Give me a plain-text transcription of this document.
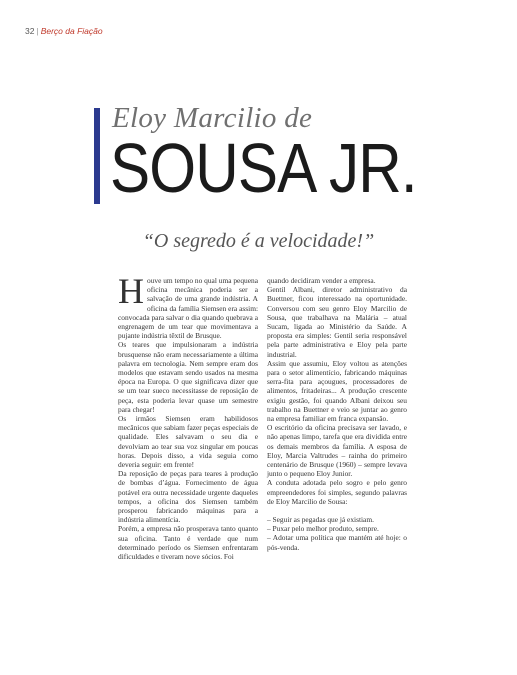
32 | Berço da Fiação
Eloy Marcilio de
SOUSA JR.
“O segredo é a velocidade!”
H ouve um tempo no qual uma pequena oficina mecânica poderia ser a salvação de uma grande indústria. A oficina da família Siemsen era assim: convocada para salvar o dia quando quebrava a engrenagem de um tear que movimentava a pujante indústria têxtil de Brusque.

Os teares que impulsionaram a indústria brusquense não eram necessariamente a última palavra em tecnologia. Nem sempre eram dos modelos que estavam sendo usados na mesma época na Europa. O que significava dizer que se um tear sueco necessitasse de reposição de peça, esta poderia levar quase um semestre para chegar!

Os irmãos Siemsen eram habilidosos mecânicos que sabiam fazer peças especiais de qualidade. Eles salvavam o seu dia e devolviam ao tear sua voz singular em poucas horas. Depois disso, a vida seguia como deveria seguir: em frente!

Da reposição de peças para teares à produção de bombas d’água. Fornecimento de água potável era outra necessidade urgente daqueles tempos, a oficina dos Siemsen também prosperou fabricando máquinas para a indústria alimentícia.

Porém, a empresa não prosperava tanto quanto sua oficina. Tanto é verdade que num determinado período os Siemsen enfrentaram dificuldades e tiveram nove sócios. Foi

quando decidiram vender a empresa.

Gentil Albani, diretor administrativo da Buettner, ficou interessado na oportunidade. Conversou com seu genro Eloy Marcilio de Sousa, que trabalhava na Malária – atual Sucam, ligada ao Ministério da Saúde. A proposta era simples: Gentil seria responsável pela parte administrativa e Eloy pela parte industrial.

Assim que assumiu, Eloy voltou as atenções para o setor alimentício, fabricando máquinas serra-fita para açougues, processadores de alimentos, fritadeiras... A produção crescente exigiu gestão, foi quando Albani deixou seu trabalho na Buettner e veio se juntar ao genro na empresa familiar em franca expansão.

O escritório da oficina precisava ser lavado, e não apenas limpo, tarefa que era dividida entre os demais membros da família. A esposa de Eloy, Marcia Valtrudes – rainha do primeiro centenário de Brusque (1960) – sempre levava junto o pequeno Eloy Junior.

A conduta adotada pelo sogro e pelo genro empreendedores foi simples, segundo palavras de Eloy Marcilio de Sousa:

– Seguir as pegadas que já existiam.

– Puxar pelo melhor produto, sempre.

– Adotar uma política que mantém até hoje: o pós-venda.
